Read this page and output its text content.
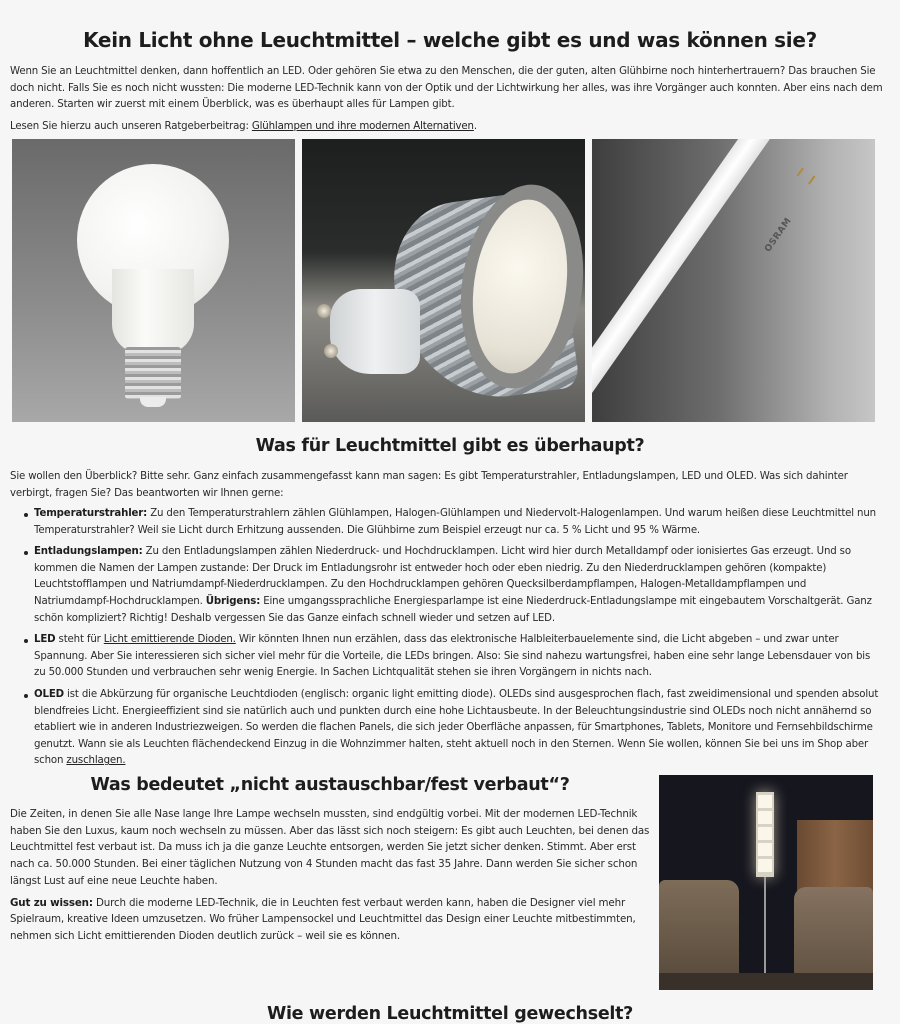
Kein Licht ohne Leuchtmittel – welche gibt es und was können sie?

Wenn Sie an Leuchtmittel denken, dann hoffentlich an LED. Oder gehören Sie etwa zu den Menschen, die der guten, alten Glühbirne noch hinterhertrauern? Das brauchen Sie doch nicht. Falls Sie es noch nicht wussten: Die moderne LED-Technik kann von der Optik und der Lichtwirkung her alles, was ihre Vorgänger auch konnten. Aber eins nach dem anderen. Starten wir zuerst mit einem Überblick, was es überhaupt alles für Lampen gibt.

Lesen Sie hierzu auch unseren Ratgeberbeitrag: Glühlampen und ihre modernen Alternativen.

OSRAM
Was für Leuchtmittel gibt es überhaupt?

Sie wollen den Überblick? Bitte sehr. Ganz einfach zusammengefasst kann man sagen: Es gibt Temperaturstrahler, Entladungslampen, LED und OLED. Was sich dahinter verbirgt, fragen Sie? Das beantworten wir Ihnen gerne:

Temperaturstrahler: Zu den Temperaturstrahlern zählen Glühlampen, Halogen-Glühlampen und Niedervolt-Halogenlampen. Und warum heißen diese Leuchtmittel nun Temperaturstrahler? Weil sie Licht durch Erhitzung aussenden. Die Glühbirne zum Beispiel erzeugt nur ca. 5 % Licht und 95 % Wärme.
Entladungslampen: Zu den Entladungslampen zählen Niederdruck- und Hochdrucklampen. Licht wird hier durch Metalldampf oder ionisiertes Gas erzeugt. Und so kommen die Namen der Lampen zustande: Der Druck im Entladungsrohr ist entweder hoch oder eben niedrig. Zu den Niederdrucklampen gehören (kompakte) Leuchtstofflampen und Natriumdampf-Niederdrucklampen. Zu den Hochdrucklampen gehören Quecksilberdampflampen, Halogen-Metalldampflampen und Natriumdampf-Hochdrucklampen. Übrigens: Eine umgangssprachliche Energiesparlampe ist eine Niederdruck-Entladungslampe mit eingebautem Vorschaltgerät. Ganz schön kompliziert? Richtig! Deshalb vergessen Sie das Ganze einfach schnell wieder und setzen auf LED.
LED steht für Licht emittierende Dioden. Wir könnten Ihnen nun erzählen, dass das elektronische Halbleiterbauelemente sind, die Licht abgeben – und zwar unter Spannung. Aber Sie interessieren sich sicher viel mehr für die Vorteile, die LEDs bringen. Also: Sie sind nahezu wartungsfrei, haben eine sehr lange Lebensdauer von bis zu 50.000 Stunden und verbrauchen sehr wenig Energie. In Sachen Lichtqualität stehen sie ihren Vorgängern in nichts nach.
OLED ist die Abkürzung für organische Leuchtdioden (englisch: organic light emitting diode). OLEDs sind ausgesprochen flach, fast zweidimensional und spenden absolut blendfreies Licht. Energieeffizient sind sie natürlich auch und punkten durch eine hohe Lichtausbeute. In der Beleuchtungsindustrie sind OLEDs noch nicht annähernd so etabliert wie in anderen Industriezweigen. So werden die flachen Panels, die sich jeder Oberfläche anpassen, für Smartphones, Tablets, Monitore und Fernsehbildschirme genutzt. Wann sie als Leuchten flächendeckend Einzug in die Wohnzimmer halten, steht aktuell noch in den Sternen. Wenn Sie wollen, können Sie bei uns im Shop aber schon zuschlagen.
Was bedeutet „nicht austauschbar/fest verbaut“?

Die Zeiten, in denen Sie alle Nase lange Ihre Lampe wechseln mussten, sind endgültig vorbei. Mit der modernen LED-Technik haben Sie den Luxus, kaum noch wechseln zu müssen. Aber das lässt sich noch steigern: Es gibt auch Leuchten, bei denen das Leuchtmittel fest verbaut ist. Da muss ich ja die ganze Leuchte entsorgen, werden Sie jetzt sicher denken. Stimmt. Aber erst nach ca. 50.000 Stunden. Bei einer täglichen Nutzung von 4 Stunden macht das fast 35 Jahre. Dann werden Sie sicher schon längst Lust auf eine neue Leuchte haben.

Gut zu wissen: Durch die moderne LED-Technik, die in Leuchten fest verbaut werden kann, haben die Designer viel mehr Spielraum, kreative Ideen umzusetzen. Wo früher Lampensockel und Leuchtmittel das Design einer Leuchte mitbestimmten, nehmen sich Licht emittierenden Dioden deutlich zurück – weil sie es können.

Wie werden Leuchtmittel gewechselt?
